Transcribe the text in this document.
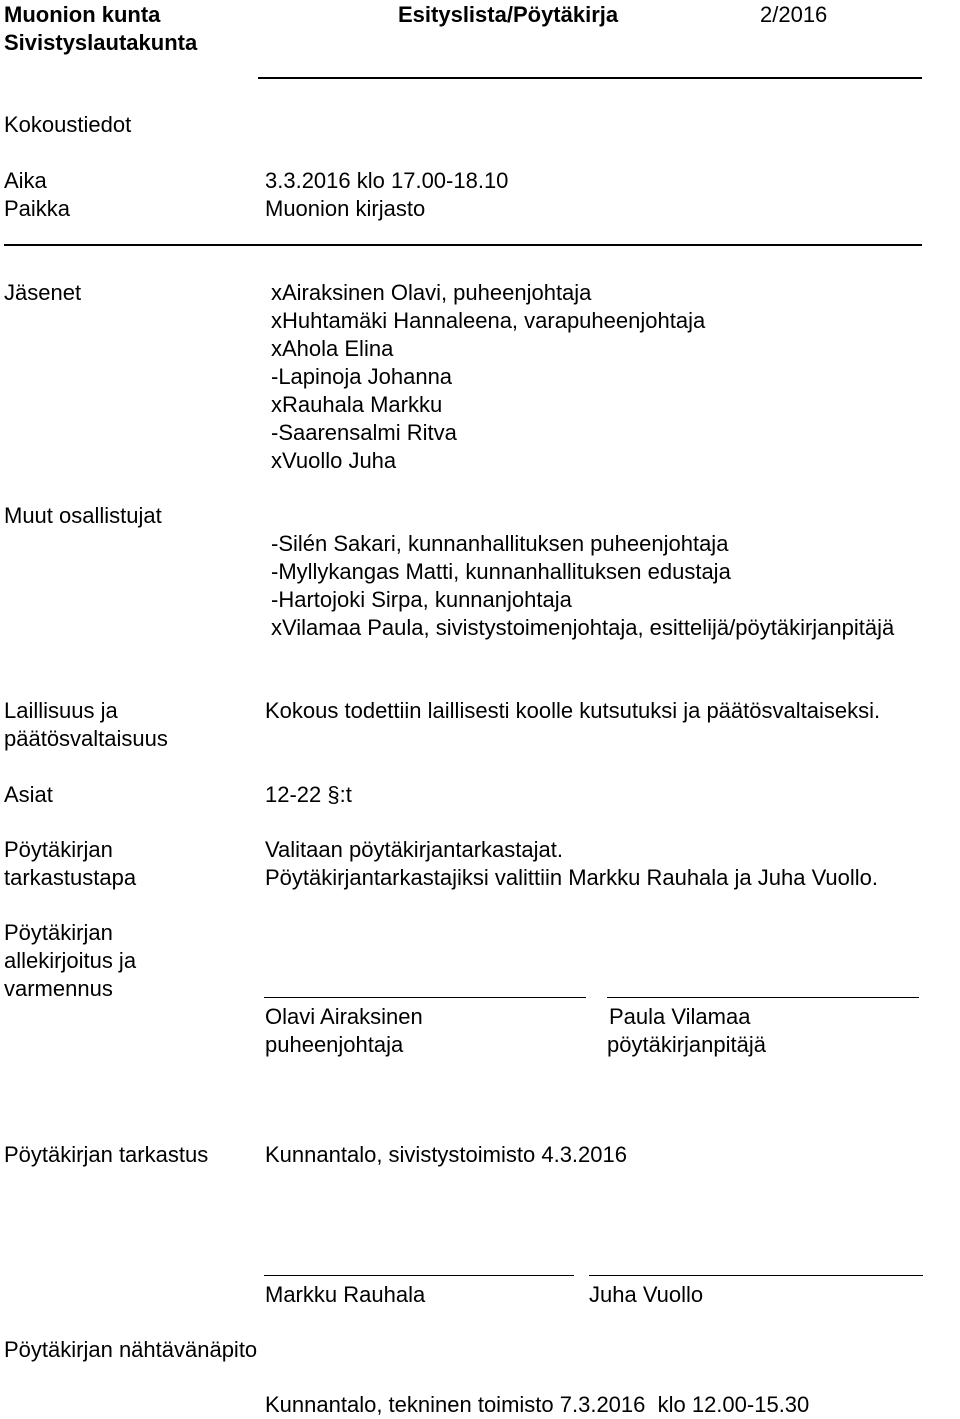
Muonion kunta	Esityslista/Pöytäkirja	2/2016
Sivistyslautakunta
Kokoustiedot
Aika	3.3.2016 klo 17.00-18.10
Paikka	Muonion kirjasto
Jäsenet	xAiraksinen Olavi, puheenjohtaja
xHuhtamäki Hannaleena, varapuheenjohtaja
xAhola Elina
-Lapinoja Johanna
xRauhala Markku
-Saarensalmi Ritva
xVuollo Juha
Muut osallistujat
-Silén Sakari, kunnanhallituksen puheenjohtaja
-Myllykangas Matti, kunnanhallituksen edustaja
-Hartojoki Sirpa, kunnanjohtaja
xVilamaa Paula, sivistystoimenjohtaja, esittelijä/pöytäkirjanpitäjä
Laillisuus ja
päätösvaltaisuus
Kokous todettiin laillisesti koolle kutsutuksi ja päätösvaltaiseksi.
Asiat	12-22 §:t
Pöytäkirjan
tarkastustapa
Valitaan pöytäkirjantarkastajat.
Pöytäkirjantarkastajiksi valittiin Markku Rauhala ja Juha Vuollo.
Pöytäkirjan
allekirjoitus ja
varmennus
Olavi Airaksinen
puheenjohtaja
Paula Vilamaa
pöytäkirjanpitäjä
Pöytäkirjan tarkastus	Kunnantalo, sivistystoimisto 4.3.2016
Markku Rauhala	Juha Vuollo
Pöytäkirjan nähtävänäpito
Kunnantalo, tekninen toimisto 7.3.2016  klo 12.00-15.30
